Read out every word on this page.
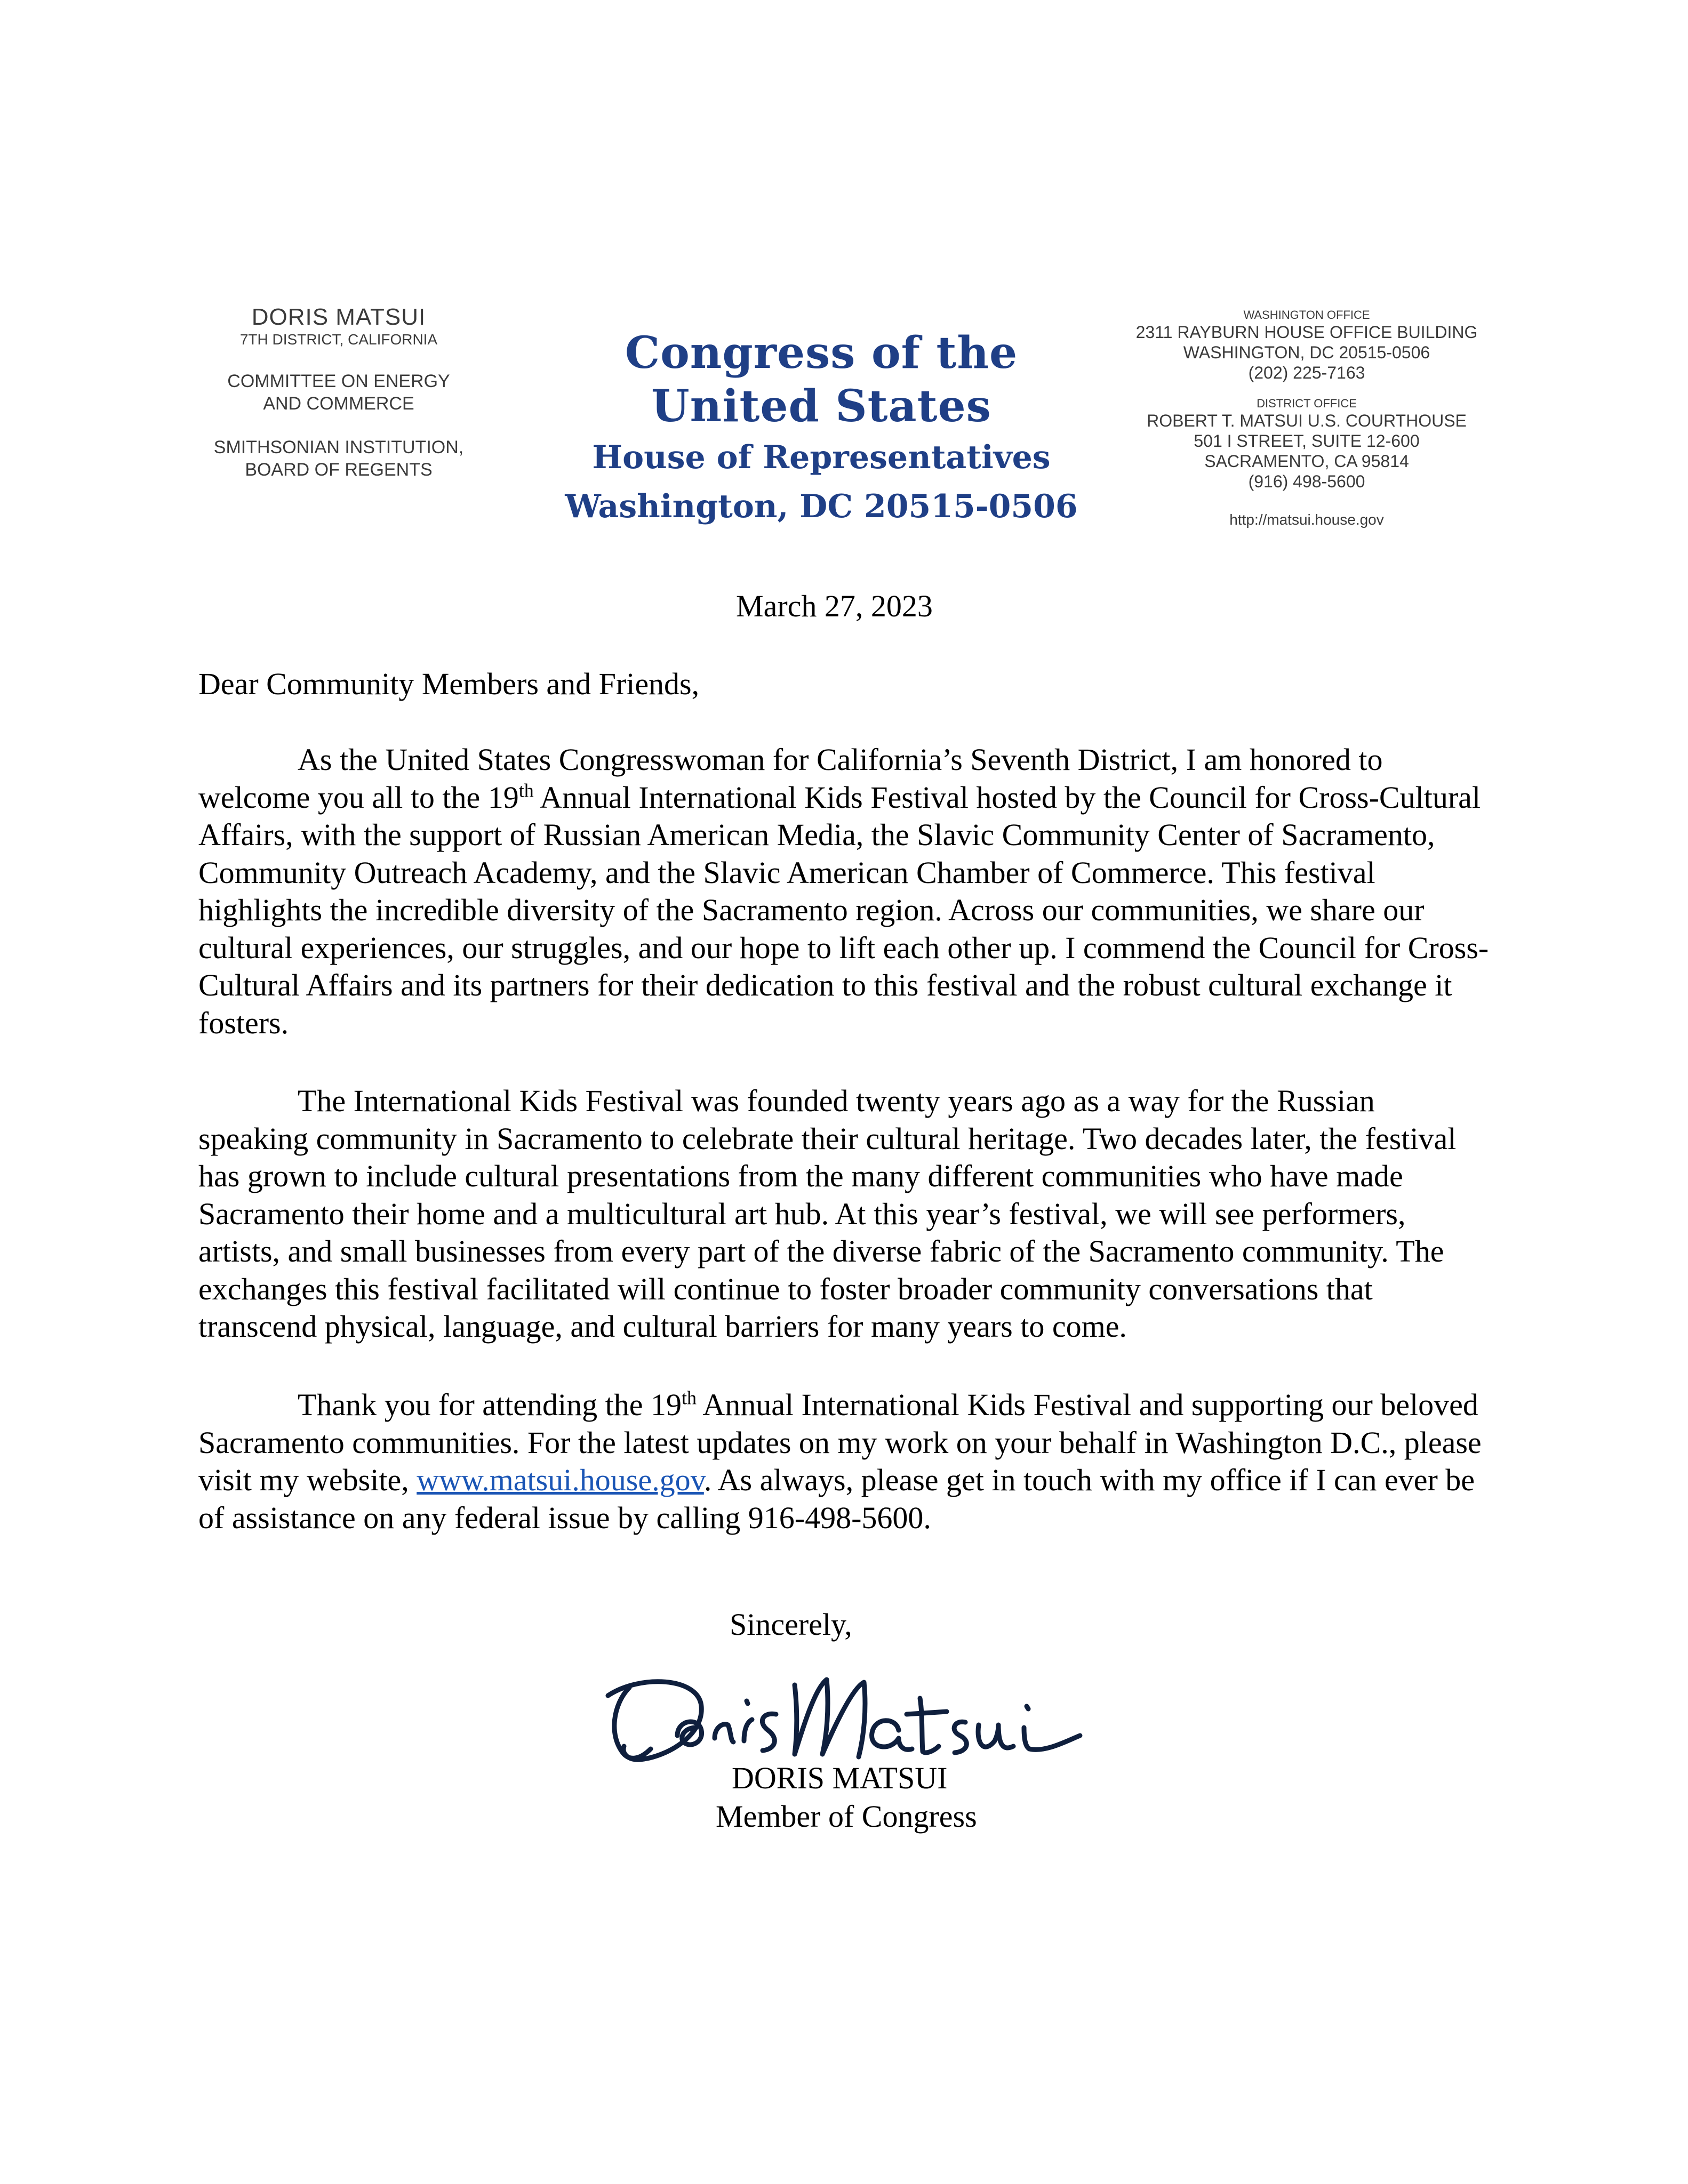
DORIS MATSUI
7TH DISTRICT, CALIFORNIA
COMMITTEE ON ENERGY
AND COMMERCE
SMITHSONIAN INSTITUTION,
BOARD OF REGENTS
Congress of the United States
House of Representatives
Washington, DC 20515-0506
WASHINGTON OFFICE
2311 RAYBURN HOUSE OFFICE BUILDING
WASHINGTON, DC 20515-0506
(202) 225-7163
DISTRICT OFFICE
ROBERT T. MATSUI U.S. COURTHOUSE
501 I STREET, SUITE 12-600
SACRAMENTO, CA 95814
(916) 498-5600
http://matsui.house.gov
March 27, 2023
Dear Community Members and Friends,

As the United States Congresswoman for California’s Seventh District, I am honored to welcome you all to the 19th Annual International Kids Festival hosted by the Council for Cross-Cultural Affairs, with the support of Russian American Media, the Slavic Community Center of Sacramento, Community Outreach Academy, and the Slavic American Chamber of Commerce. This festival highlights the incredible diversity of the Sacramento region. Across our communities, we share our cultural experiences, our struggles, and our hope to lift each other up. I commend the Council for Cross-Cultural Affairs and its partners for their dedication to this festival and the robust cultural exchange it fosters.

The International Kids Festival was founded twenty years ago as a way for the Russian speaking community in Sacramento to celebrate their cultural heritage. Two decades later, the festival has grown to include cultural presentations from the many different communities who have made Sacramento their home and a multicultural art hub. At this year’s festival, we will see performers, artists, and small businesses from every part of the diverse fabric of the Sacramento community. The exchanges this festival facilitated will continue to foster broader community conversations that transcend physical, language, and cultural barriers for many years to come.

Thank you for attending the 19th Annual International Kids Festival and supporting our beloved Sacramento communities. For the latest updates on my work on your behalf in Washington D.C., please visit my website, www.matsui.house.gov. As always, please get in touch with my office if I can ever be of assistance on any federal issue by calling 916-498-5600.

Sincerely,
DORIS MATSUI
Member of Congress
